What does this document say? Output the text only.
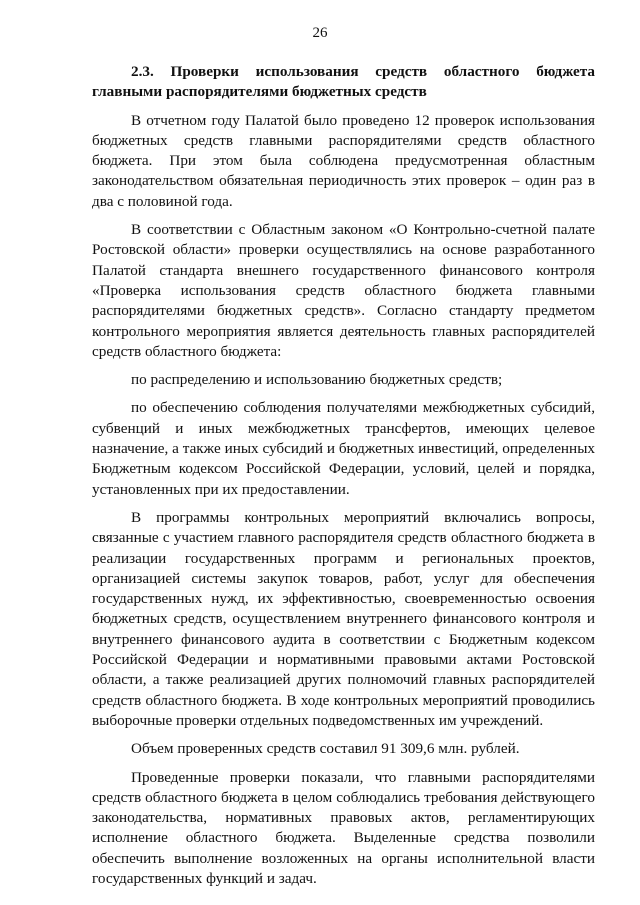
26

2.3. Проверки использования средств областного бюджета главными распорядителями бюджетных средств

В отчетном году Палатой было проведено 12 проверок использования бюджетных средств главными распорядителями средств областного бюджета. При этом была соблюдена предусмотренная областным законодательством обязательная периодичность этих проверок – один раз в два с половиной года.

В соответствии с Областным законом «О Контрольно-счетной палате Ростовской области» проверки осуществлялись на основе разработанного Палатой стандарта внешнего государственного финансового контроля «Проверка использования средств областного бюджета главными распорядителями бюджетных средств». Согласно стандарту предметом контрольного мероприятия является деятельность главных распорядителей средств областного бюджета:

по распределению и использованию бюджетных средств;

по обеспечению соблюдения получателями межбюджетных субсидий, субвенций и иных межбюджетных трансфертов, имеющих целевое назначение, а также иных субсидий и бюджетных инвестиций, определенных Бюджетным кодексом Российской Федерации, условий, целей и порядка, установленных при их предоставлении.

В программы контрольных мероприятий включались вопросы, связанные с участием главного распорядителя средств областного бюджета в реализации государственных программ и региональных проектов, организацией системы закупок товаров, работ, услуг для обеспечения государственных нужд, их эффективностью, своевременностью освоения бюджетных средств, осуществлением внутреннего финансового контроля и внутреннего финансового аудита в соответствии с Бюджетным кодексом Российской Федерации и нормативными правовыми актами Ростовской области, а также реализацией других полномочий главных распорядителей средств областного бюджета. В ходе контрольных мероприятий проводились выборочные проверки отдельных подведомственных им учреждений.

Объем проверенных средств составил 91 309,6 млн. рублей.

Проведенные проверки показали, что главными распорядителями средств областного бюджета в целом соблюдались требования действующего законодательства, нормативных правовых актов, регламентирующих исполнение областного бюджета. Выделенные средства позволили обеспечить выполнение возложенных на органы исполнительной власти государственных функций и задач.
